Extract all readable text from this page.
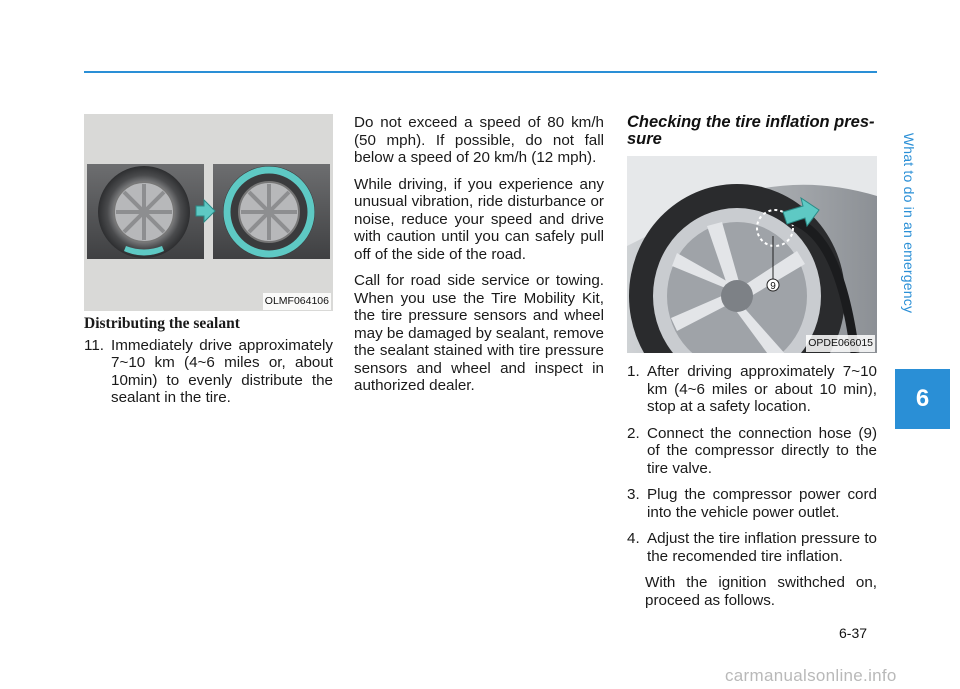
What to do in an emergency
6
OLMF064106
Distributing the sealant
11. Immediately drive approximately 7~10 km (4~6 miles or, about 10min) to evenly distribute the sealant in the tire.

Do not exceed a speed of 80 km/h (50 mph). If possible, do not fall below a speed of 20 km/h (12 mph).

While driving, if you experience any unusual vibration, ride disturbance or noise, reduce your speed and drive with caution until you can safely pull off of the side of the road.

Call for road side service or towing. When you use the Tire Mobility Kit, the tire pressure sensors and wheel may be damaged by sealant, remove the sealant stained with tire pressure sensors and wheel and inspect in authorized dealer.

Checking the tire inflation pres- sure
9
OPDE066015
1. After driving approximately 7~10 km (4~6 miles or about 10 min), stop at a safety location.
2. Connect the connection hose (9) of the compressor directly to the tire valve.
3. Plug the compressor power cord into the vehicle power outlet.
4. Adjust the tire inflation pressure to the recomended tire inflation.

With the ignition swithched on, proceed as follows.

6-37
carmanualsonline.info
